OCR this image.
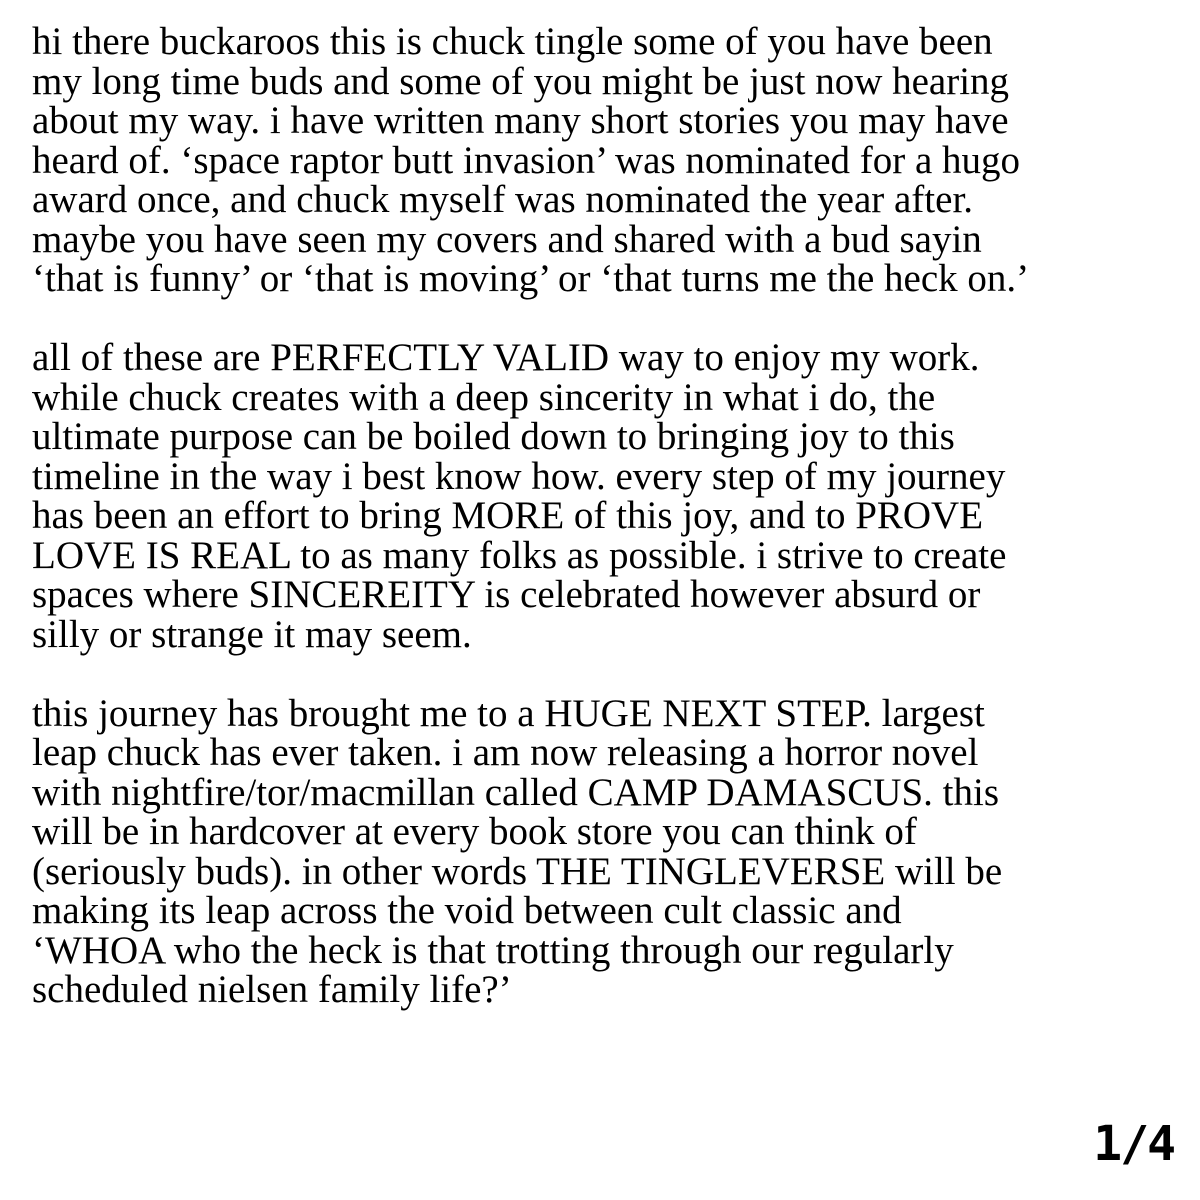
hi there buckaroos this is chuck tingle some of you have been
my long time buds and some of you might be just now hearing
about my way. i have written many short stories you may have
heard of. ‘space raptor butt invasion’ was nominated for a hugo
award once, and chuck myself was nominated the year after.
maybe you have seen my covers and shared with a bud sayin
‘that is funny’ or ‘that is moving’ or ‘that turns me the heck on.’

all of these are PERFECTLY VALID way to enjoy my work.
while chuck creates with a deep sincerity in what i do, the
ultimate purpose can be boiled down to bringing joy to this
timeline in the way i best know how. every step of my journey
has been an effort to bring MORE of this joy, and to PROVE
LOVE IS REAL to as many folks as possible. i strive to create
spaces where SINCEREITY is celebrated however absurd or
silly or strange it may seem.

this journey has brought me to a HUGE NEXT STEP. largest
leap chuck has ever taken. i am now releasing a horror novel
with nightfire/tor/macmillan called CAMP DAMASCUS. this
will be in hardcover at every book store you can think of
(seriously buds). in other words THE TINGLEVERSE will be
making its leap across the void between cult classic and
‘WHOA who the heck is that trotting through our regularly
scheduled nielsen family life?’

1/4
